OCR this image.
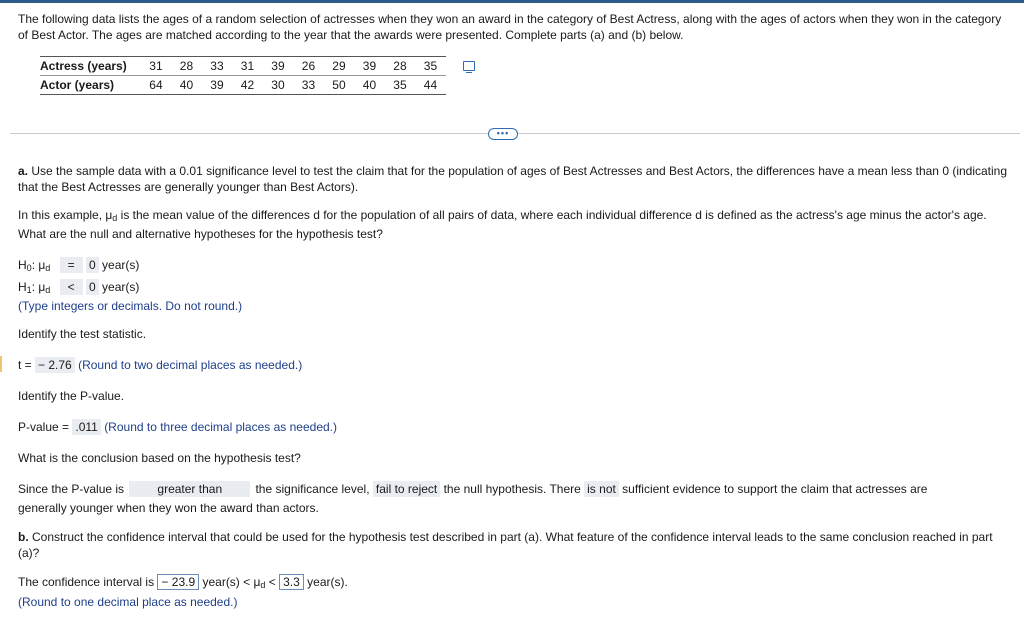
The following data lists the ages of a random selection of actresses when they won an award in the category of Best Actress, along with the ages of actors when they won in the category of Best Actor. The ages are matched according to the year that the awards were presented. Complete parts (a) and (b) below.
Actress (years)	31	28	33	31	39	26	29	39	28	35
Actor (years)	64	40	39	42	30	33	50	40	35	44
•••
a. Use the sample data with a 0.01 significance level to test the claim that for the population of ages of Best Actresses and Best Actors, the differences have a mean less than 0 (indicating that the Best Actresses are generally younger than Best Actors).
In this example, $\mu_d$ is the mean value of the differences d for the population of all pairs of data, where each individual difference d is defined as the actress's age minus the actor's age. What are the null and alternative hypotheses for the hypothesis test?
$H_0$: $\mu_d = 0$ year(s)
$H_1$: $\mu_d < 0$ year(s)
(Type integers or decimals. Do not round.)
Identify the test statistic.
t = − 2.76 (Round to two decimal places as needed.)
Identify the P-value.
P-value = .011 (Round to three decimal places as needed.)
What is the conclusion based on the hypothesis test?
Since the P-value is	greater than	the significance level, fail to reject the null hypothesis. There is not sufficient evidence to support the claim that actresses are
generally younger when they won the award than actors.
b. Construct the confidence interval that could be used for the hypothesis test described in part (a). What feature of the confidence interval leads to the same conclusion reached in part (a)?
The confidence interval is − 23.9 year(s) < $\mu_d < 3.3$ year(s).
(Round to one decimal place as needed.)
